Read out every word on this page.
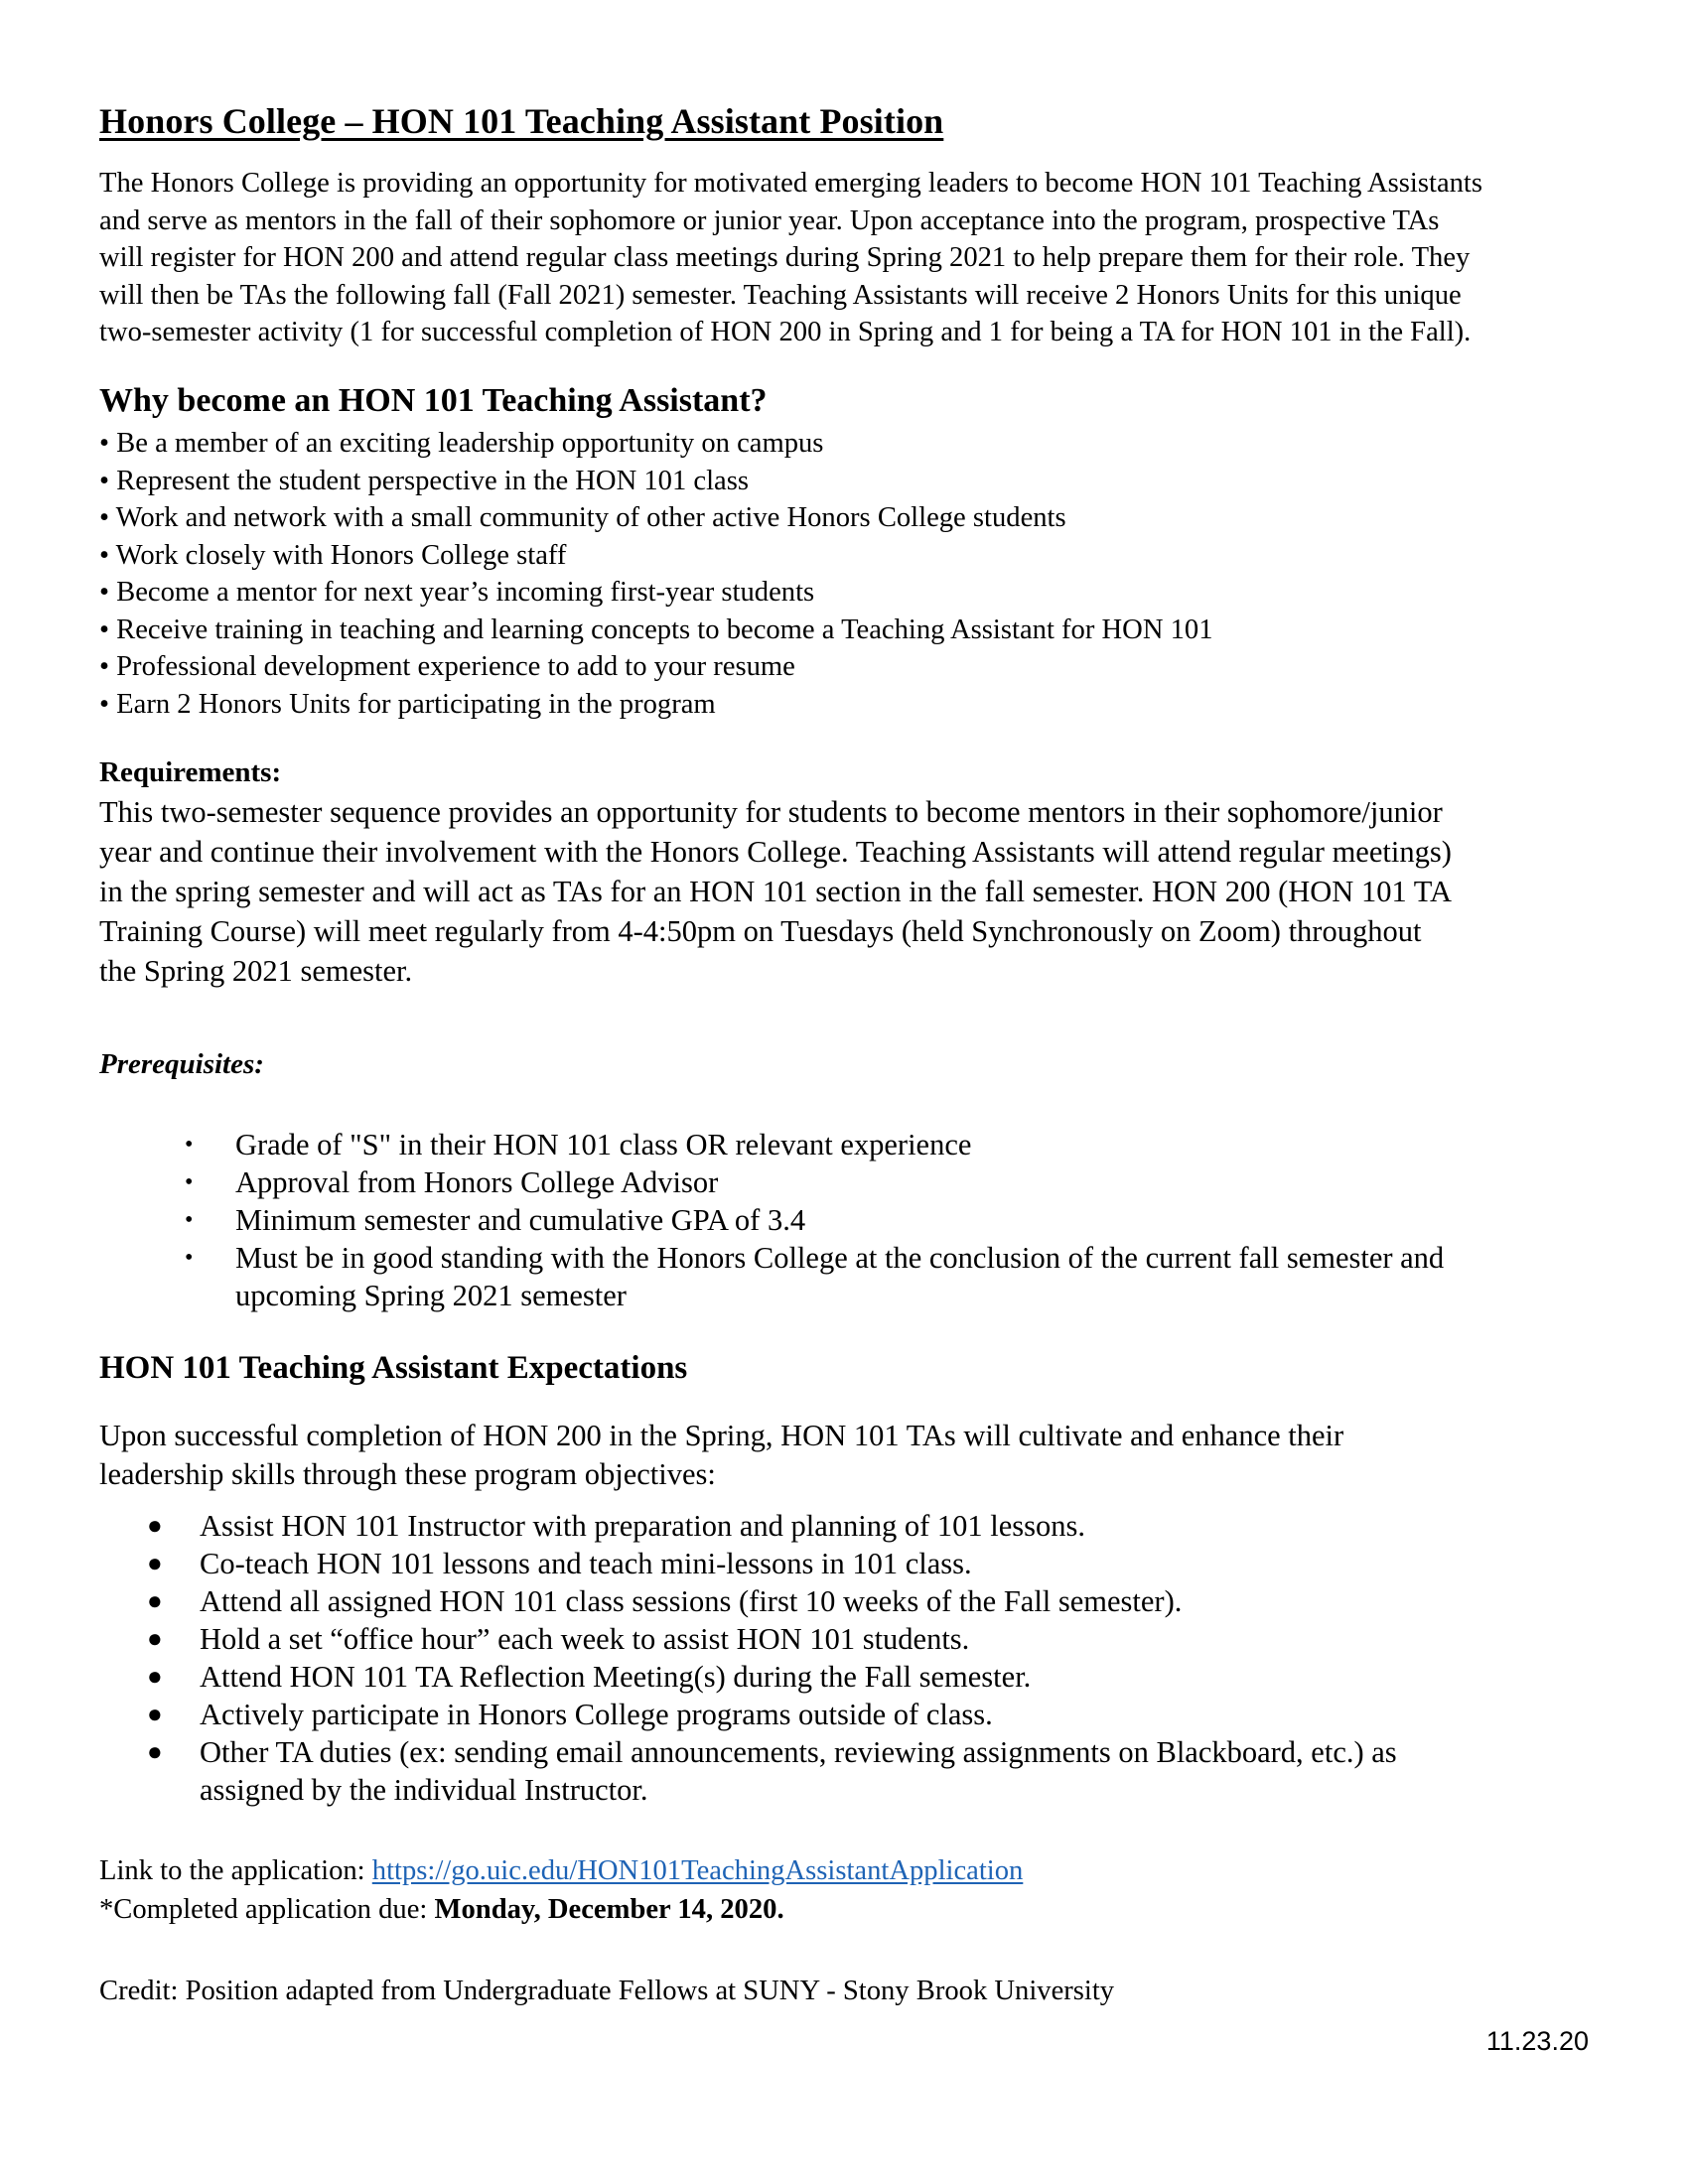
Honors College – HON 101 Teaching Assistant Position
The Honors College is providing an opportunity for motivated emerging leaders to become HON 101 Teaching Assistants
and serve as mentors in the fall of their sophomore or junior year. Upon acceptance into the program, prospective TAs
will register for HON 200 and attend regular class meetings during Spring 2021 to help prepare them for their role. They
will then be TAs the following fall (Fall 2021) semester. Teaching Assistants will receive 2 Honors Units for this unique
two-semester activity (1 for successful completion of HON 200 in Spring and 1 for being a TA for HON 101 in the Fall).
Why become an HON 101 Teaching Assistant?
• Be a member of an exciting leadership opportunity on campus
• Represent the student perspective in the HON 101 class
• Work and network with a small community of other active Honors College students
• Work closely with Honors College staff
• Become a mentor for next year’s incoming first-year students
• Receive training in teaching and learning concepts to become a Teaching Assistant for HON 101
• Professional development experience to add to your resume
• Earn 2 Honors Units for participating in the program
Requirements:
This two-semester sequence provides an opportunity for students to become mentors in their sophomore/junior
year and continue their involvement with the Honors College. Teaching Assistants will attend regular meetings)
in the spring semester and will act as TAs for an HON 101 section in the fall semester. HON 200 (HON 101 TA
Training Course) will meet regularly from 4-4:50pm on Tuesdays (held Synchronously on Zoom) throughout
the Spring 2021 semester.
Prerequisites:
• Grade of "S" in their HON 101 class OR relevant experience
• Approval from Honors College Advisor
• Minimum semester and cumulative GPA of 3.4
• Must be in good standing with the Honors College at the conclusion of the current fall semester and
upcoming Spring 2021 semester
HON 101 Teaching Assistant Expectations
Upon successful completion of HON 200 in the Spring, HON 101 TAs will cultivate and enhance their
leadership skills through these program objectives:
● Assist HON 101 Instructor with preparation and planning of 101 lessons.
● Co-teach HON 101 lessons and teach mini-lessons in 101 class.
● Attend all assigned HON 101 class sessions (first 10 weeks of the Fall semester).
● Hold a set “office hour” each week to assist HON 101 students.
● Attend HON 101 TA Reflection Meeting(s) during the Fall semester.
● Actively participate in Honors College programs outside of class.
● Other TA duties (ex: sending email announcements, reviewing assignments on Blackboard, etc.) as
assigned by the individual Instructor.
Link to the application: https://go.uic.edu/HON101TeachingAssistantApplication
*Completed application due: Monday, December 14, 2020.
Credit: Position adapted from Undergraduate Fellows at SUNY - Stony Brook University
11.23.20
